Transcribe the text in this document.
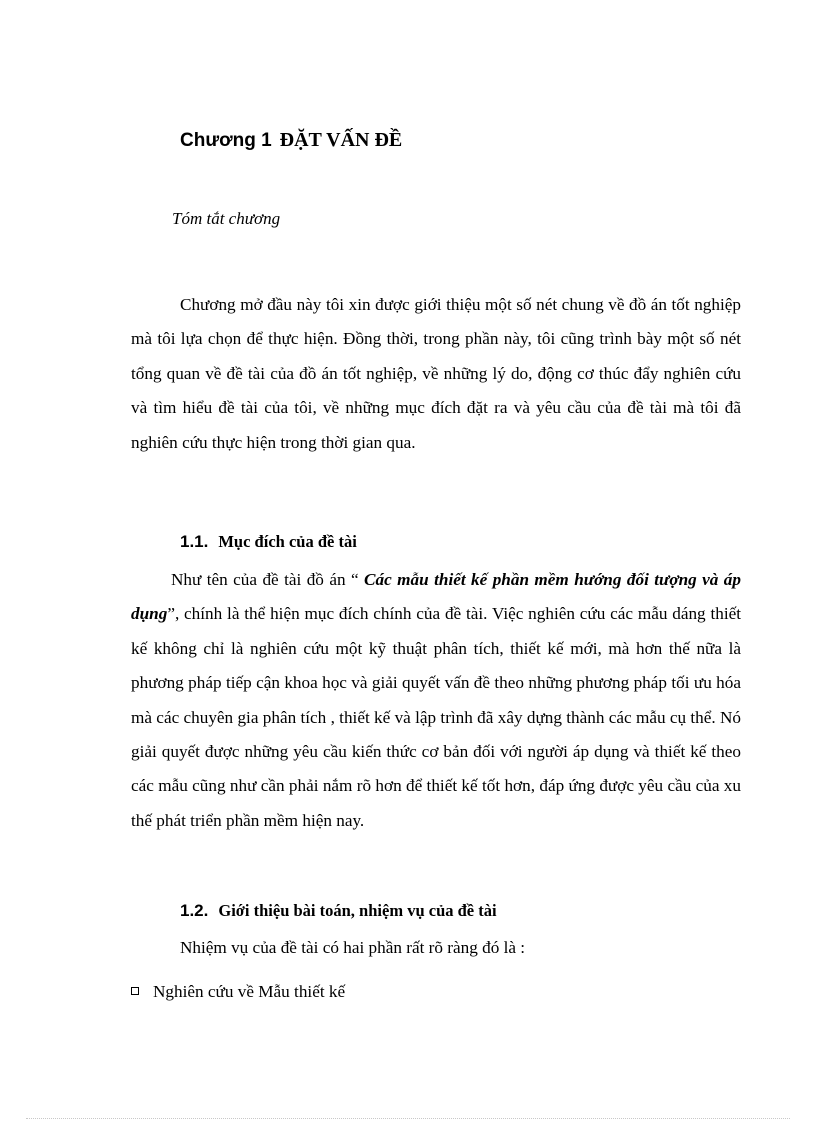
Chương 1 ĐẶT VẤN ĐỀ

Tóm tắt chương

Chương mở đầu này tôi xin được giới thiệu một số nét chung về đồ án tốt nghiệp mà tôi lựa chọn để thực hiện. Đồng thời, trong phần này, tôi cũng trình bày một số nét tổng quan về đề tài của đồ án tốt nghiệp, về những lý do, động cơ thúc đẩy nghiên cứu và tìm hiểu đề tài của tôi, về những mục đích đặt ra và yêu cầu của đề tài mà tôi đã nghiên cứu thực hiện trong thời gian qua.

1.1. Mục đích của đề tài

Như tên của đề tài đồ án “ Các mẫu thiết kế phần mềm hướng đối tượng và áp dụng”, chính là thể hiện mục đích chính của đề tài. Việc nghiên cứu các mẫu dáng thiết kế không chỉ là nghiên cứu một kỹ thuật phân tích, thiết kế mới, mà hơn thế nữa là phương pháp tiếp cận khoa học và giải quyết vấn đề theo những phương pháp tối ưu hóa mà các chuyên gia phân tích , thiết kế và lập trình đã xây dựng thành các mẫu cụ thể. Nó giải quyết được những yêu cầu kiến thức cơ bản đối với người áp dụng và thiết kế theo các mẫu cũng như cần phải nắm rõ hơn để thiết kế tốt hơn, đáp ứng được yêu cầu của xu thế phát triển phần mềm hiện nay.

1.2. Giới thiệu bài toán, nhiệm vụ của đề tài

Nhiệm vụ của đề tài có hai phần rất rõ ràng đó là :

Nghiên cứu về Mẫu thiết kế
